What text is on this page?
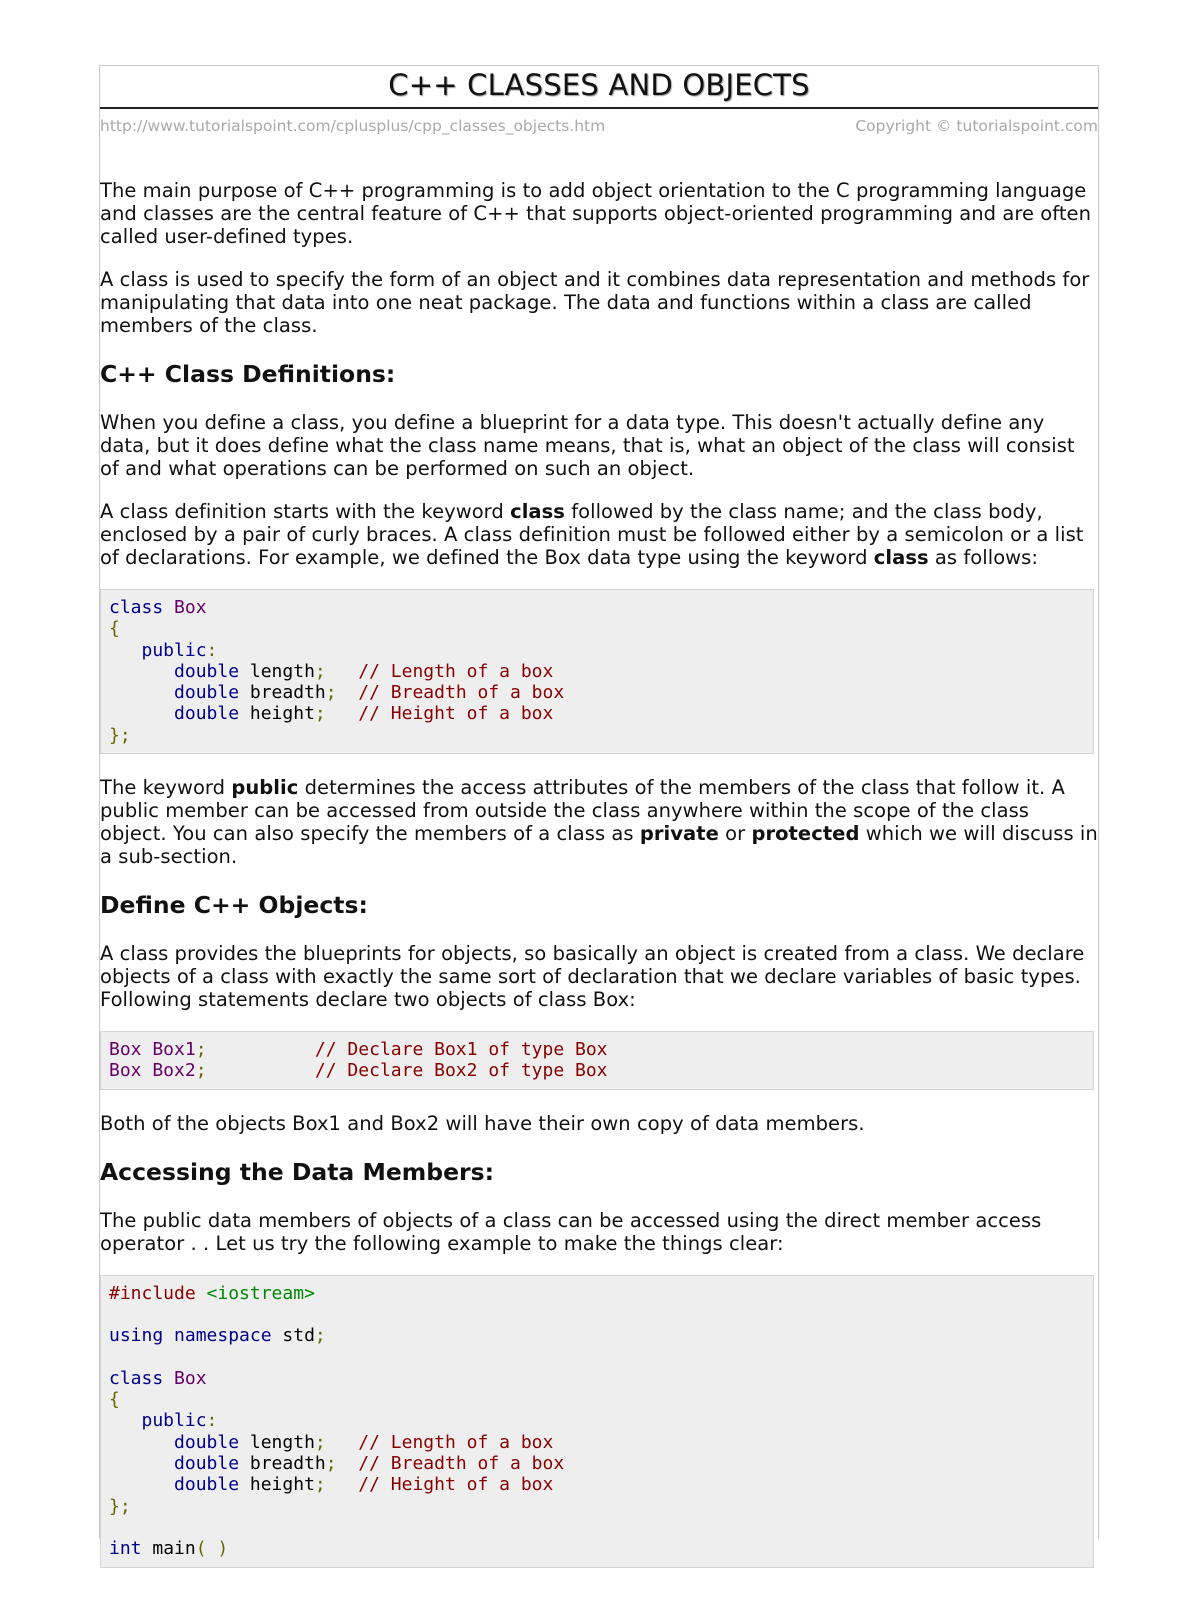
C++ CLASSES AND OBJECTS
http://www.tutorialspoint.com/cplusplus/cpp_classes_objects.htm	Copyright © tutorialspoint.com

The main purpose of C++ programming is to add object orientation to the C programming language and classes are the central feature of C++ that supports object-oriented programming and are often called user-defined types.

A class is used to specify the form of an object and it combines data representation and methods for manipulating that data into one neat package. The data and functions within a class are called members of the class.

C++ Class Definitions:

When you define a class, you define a blueprint for a data type. This doesn't actually define any data, but it does define what the class name means, that is, what an object of the class will consist of and what operations can be performed on such an object.

A class definition starts with the keyword class followed by the class name; and the class body, enclosed by a pair of curly braces. A class definition must be followed either by a semicolon or a list of declarations. For example, we defined the Box data type using the keyword class as follows:

class Box
{
public:
double length; // Length of a box
double breadth; // Breadth of a box
double height; // Height of a box
};

The keyword public determines the access attributes of the members of the class that follow it. A public member can be accessed from outside the class anywhere within the scope of the class object. You can also specify the members of a class as private or protected which we will discuss in a sub-section.

Define C++ Objects:

A class provides the blueprints for objects, so basically an object is created from a class. We declare objects of a class with exactly the same sort of declaration that we declare variables of basic types. Following statements declare two objects of class Box:

Box Box1;	// Declare Box1 of type Box
Box Box2;	// Declare Box2 of type Box

Both of the objects Box1 and Box2 will have their own copy of data members.

Accessing the Data Members:

The public data members of objects of a class can be accessed using the direct member access operator . . Let us try the following example to make the things clear:

#include <iostream>

using namespace std;

class Box
{
public:
double length; // Length of a box
double breadth; // Breadth of a box
double height; // Height of a box
};

int main( )
